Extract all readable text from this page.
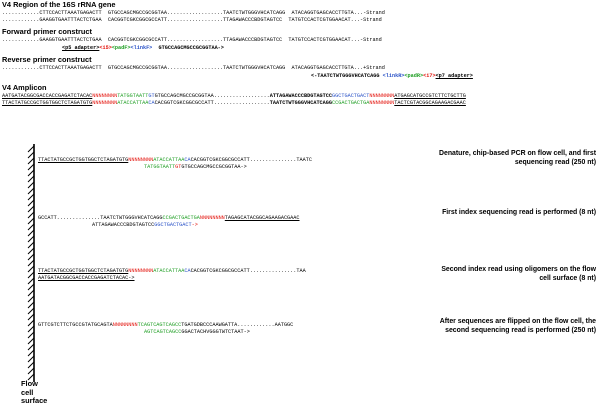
V4 Region of the 16S rRNA gene
............CTTCCACTTAAATGAGACTT  GTGCCAGCMGCCGCGGTAA..................TAATCTWTGGGVHCATCAGG  ATACAGGTGAGCACCTTGTA...-Strand
............GAAGGTGAATTTACTCTGAA  CACGGTCGKCGGCGCCATT..................TTAGAWACCCBDGTAGTCC  TATGTCCACTCGTGGAACAT...-Strand
Forward primer construct
............GAAGGTGAATTTACTCTGAA  CACGGTCGKCGGCGCCATT..................TTAGAWACCCBDGTAGTCC  TATGTCCACTCGTGGAACAT...-Strand
<p5 adapter><i5><padF><linkF> GTGCCAGCMGCCGCGGTAA->
Reverse primer construct
............CTTCCACTTAAATGAGACTT  GTGCCAGCMGCCGCGGTAA..................TAATCTWTGGGVHCATCAGG  ATACAGGTGAGCACCTTGTA...+Strand
<-TAATCTWTGGGVHCATCAGG <linkR><padR><i7><p7 adapter>
V4 Amplicon
AATGATACGGCGACCACCGAGATCTACACNNNNNNNNTATGGTAATTGTGTGCCAGCMGCCGCGGTAA..................ATTAGAWACCCBDGTAGTCCGGCTGACTGACTNNNNNNNNATGAGCATGCCGTCTTCTGCTTG
TTACTATGCCGCTGGTGGCTCTAGATGTGNNNNNNNNATACCATTAACACACGGTCGKCGGCGCCATT..................TAATCTWTGGGVHCATCAGGCCGACTGACTGANNNNNNNNTACTCGTACGGCAGAAGACGAAC
Flow cell surface
TTACTATGCCGCTGGTGGCTCTAGATGTGNNNNNNNNATACCATTAACACACGGTCGKCGGCGCCATT...............TAATC
TATGGTAATTGTGTGCCAGCMGCCGCGGTAA->
Denature, chip-based PCR on flow cell, and first sequencing read (250 nt)
GCCATT..............TAATCTWTGGGVHCATCAGGCCGACTGACTGANNNNNNNNTAGAGCATACGGCAGAAGACGAAC
ATTAGAWACCCBDGTAGTCCGGCTGACTGACT->
First index sequencing read is performed (8 nt)
TTACTATGCCGCTGGTGGCTCTAGATGTGNNNNNNNNATACCATTAACACACGGTCGKCGGCGCCATT...............TAA
AATGATACGGCGACCACCGAGATCTACAC->
Second index read using oligomers on the flow cell surface (8 nt)
GTTCGTCTTCTGCCGTATGCAGTANNNNNNNNTCAGTCAGTCAGCCTGATGDBCCCAAWGATTA............AATGGC
AGTCAGTCAGCCGGACTACHVGGGTWTCTAAT->
After sequences are flipped on the flow cell, the second sequencing read is performed (250 nt)
